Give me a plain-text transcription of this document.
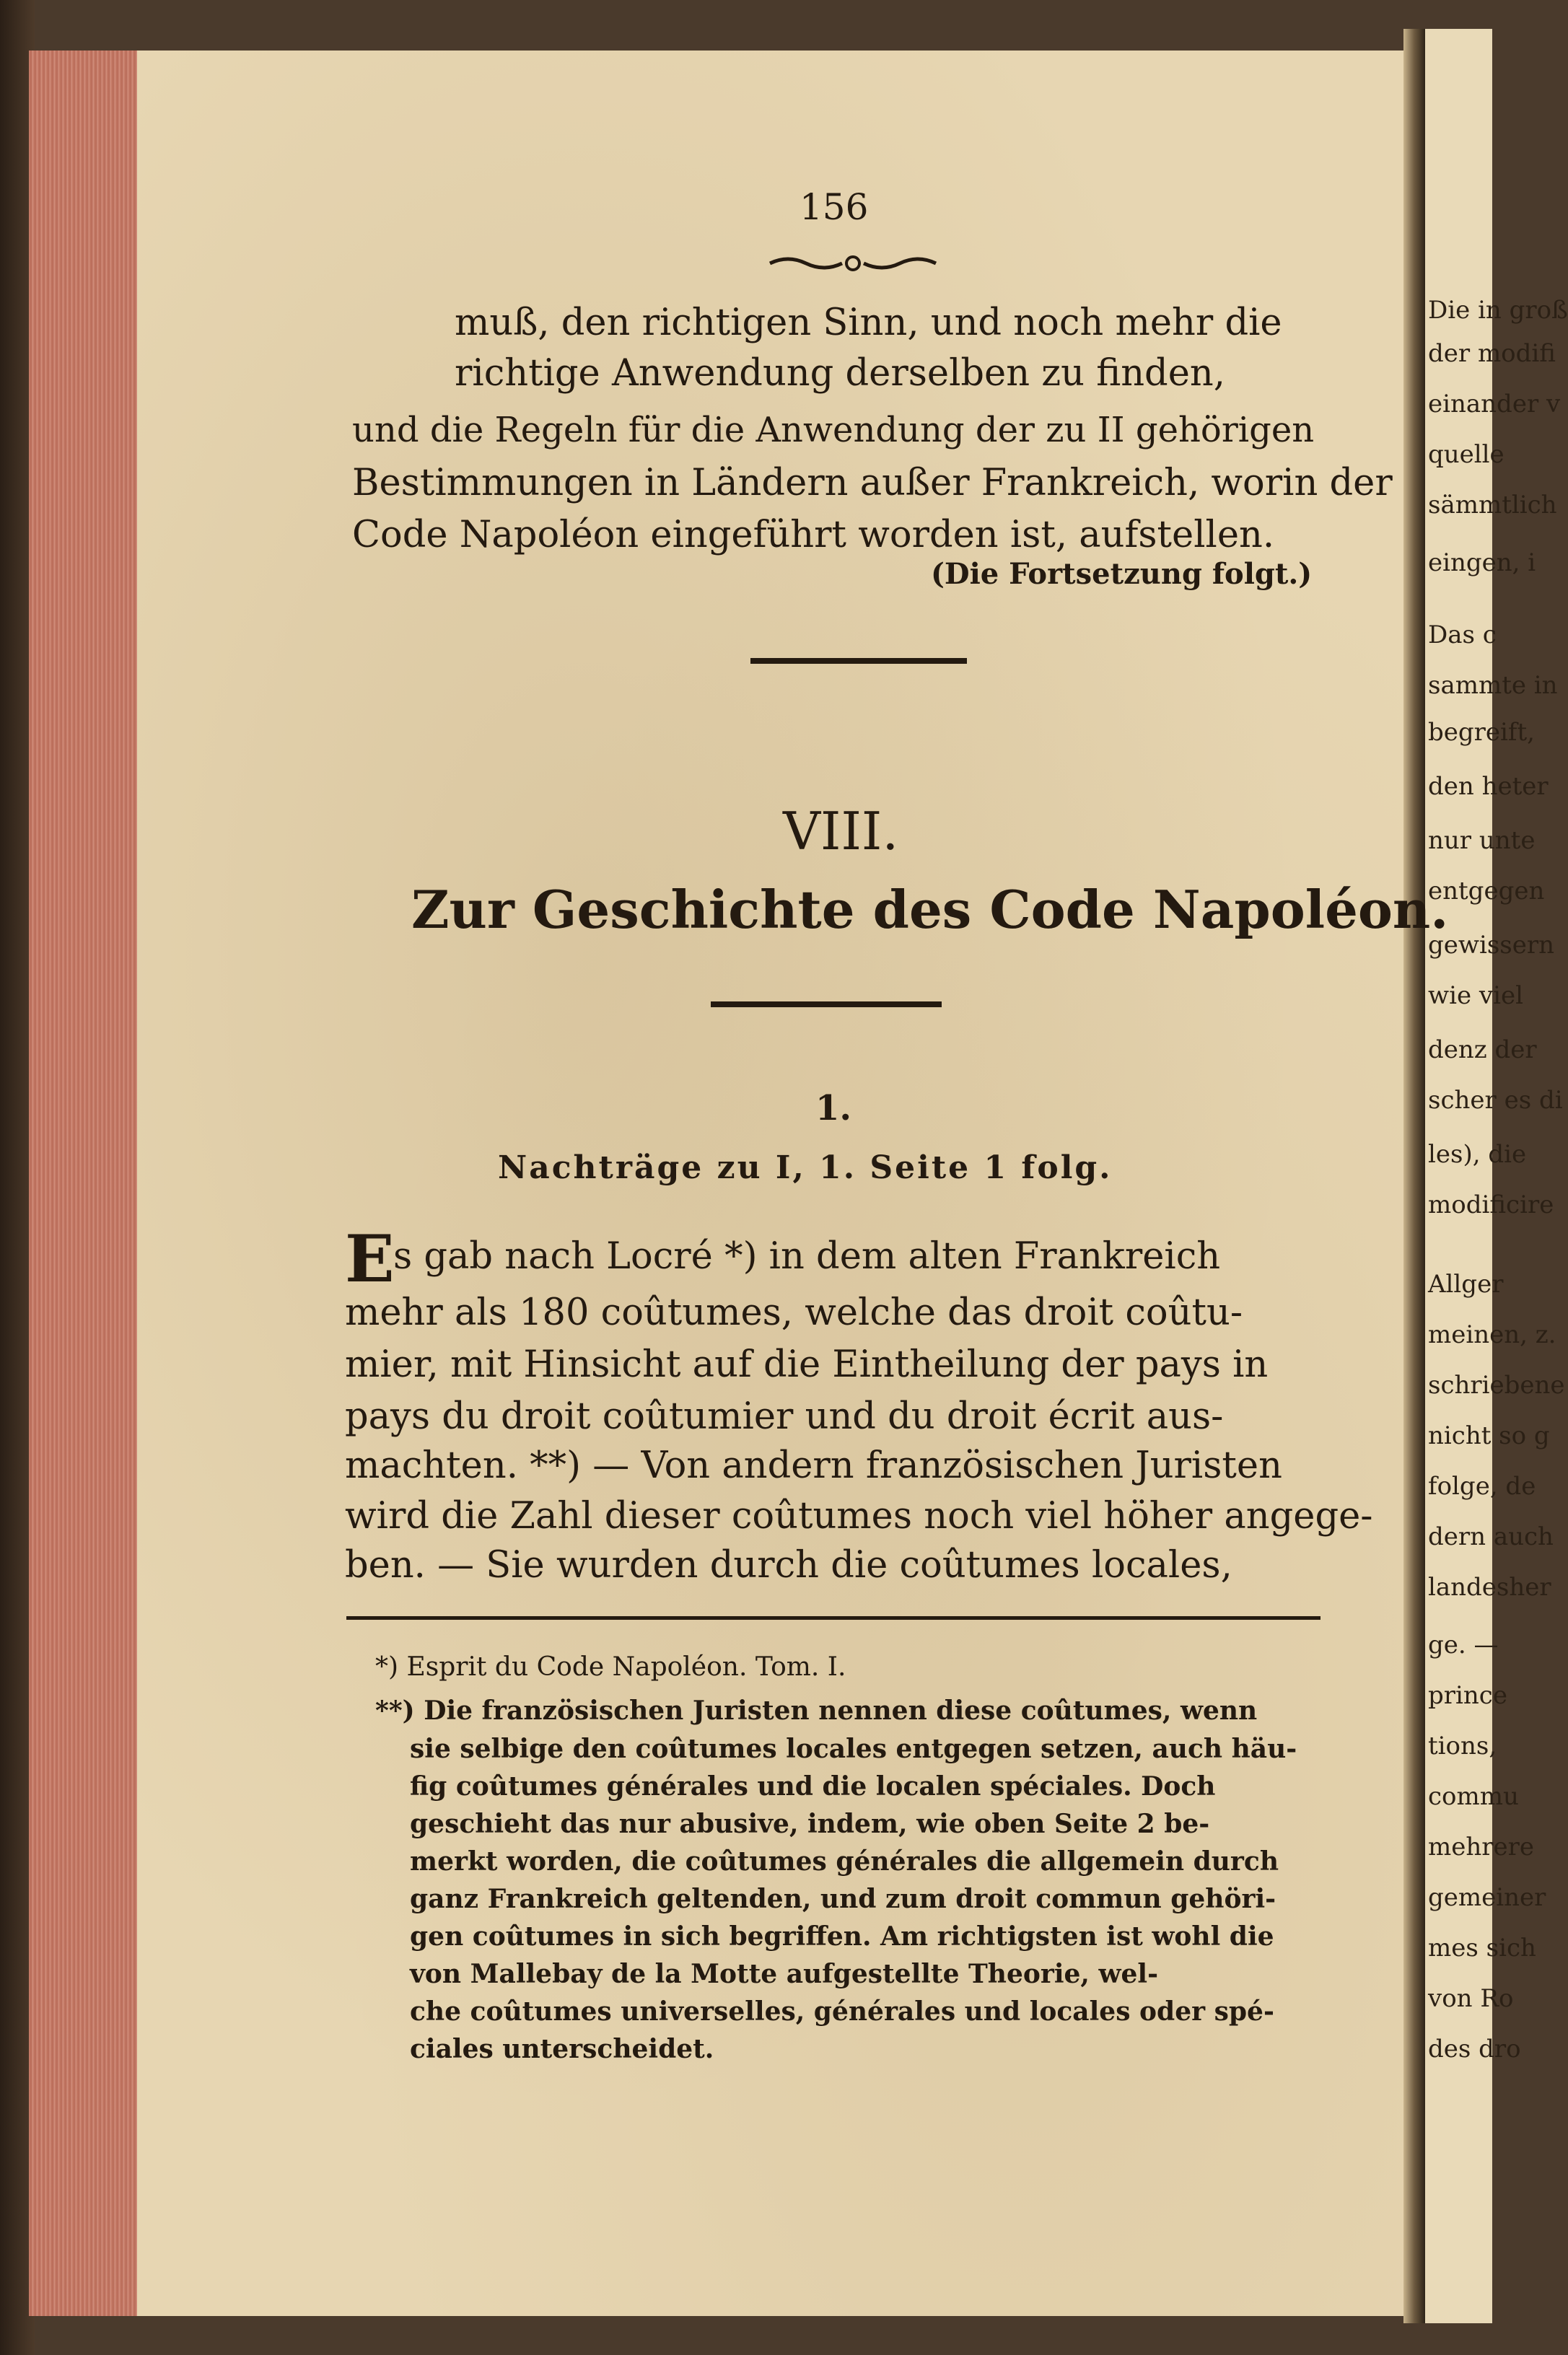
Die in groß
der modifi
einander v
quelle
sämmtlich
eingen, i
Das c
sammte in
begreift,
den heter
nur unte
entgegen
gewissern
wie viel
denz der
scher es di
les), die
modificire
Allger
meinen, z.
schriebene
nicht so g
folge, de
dern auch
landesher
ge. —
prince
tions,
commu
mehrere
gemeiner
mes sich
von Ro
des dro
156
muß, den richtigen Sinn, und noch mehr die
richtige Anwendung derselben zu finden,
und die Regeln für die Anwendung der zu II gehörigen
Bestimmungen in Ländern außer Frankreich, worin der
Code Napoléon eingeführt worden ist, aufstellen.
(Die Fortsetzung folgt.)
VIII.
Zur Geschichte des Code Napoléon.
1.
Nachträge zu I, 1. Seite 1 folg.
E
s gab nach Locré *) in dem alten Frankreich
mehr als 180 coûtumes, welche das droit coûtu-
mier, mit Hinsicht auf die Eintheilung der pays in
pays du droit coûtumier und du droit écrit aus-
machten. **) — Von andern französischen Juristen
wird die Zahl dieser coûtumes noch viel höher angege-
ben. — Sie wurden durch die coûtumes locales,
*) Esprit du Code Napoléon. Tom. I.
**) Die französischen Juristen nennen diese coûtumes, wenn
sie selbige den coûtumes locales entgegen setzen, auch häu-
fig coûtumes générales und die localen spéciales. Doch
geschieht das nur abusive, indem, wie oben Seite 2 be-
merkt worden, die coûtumes générales die allgemein durch
ganz Frankreich geltenden, und zum droit commun gehöri-
gen coûtumes in sich begriffen. Am richtigsten ist wohl die
von Mallebay de la Motte aufgestellte Theorie, wel-
che coûtumes universelles, générales und locales oder spé-
ciales unterscheidet.
